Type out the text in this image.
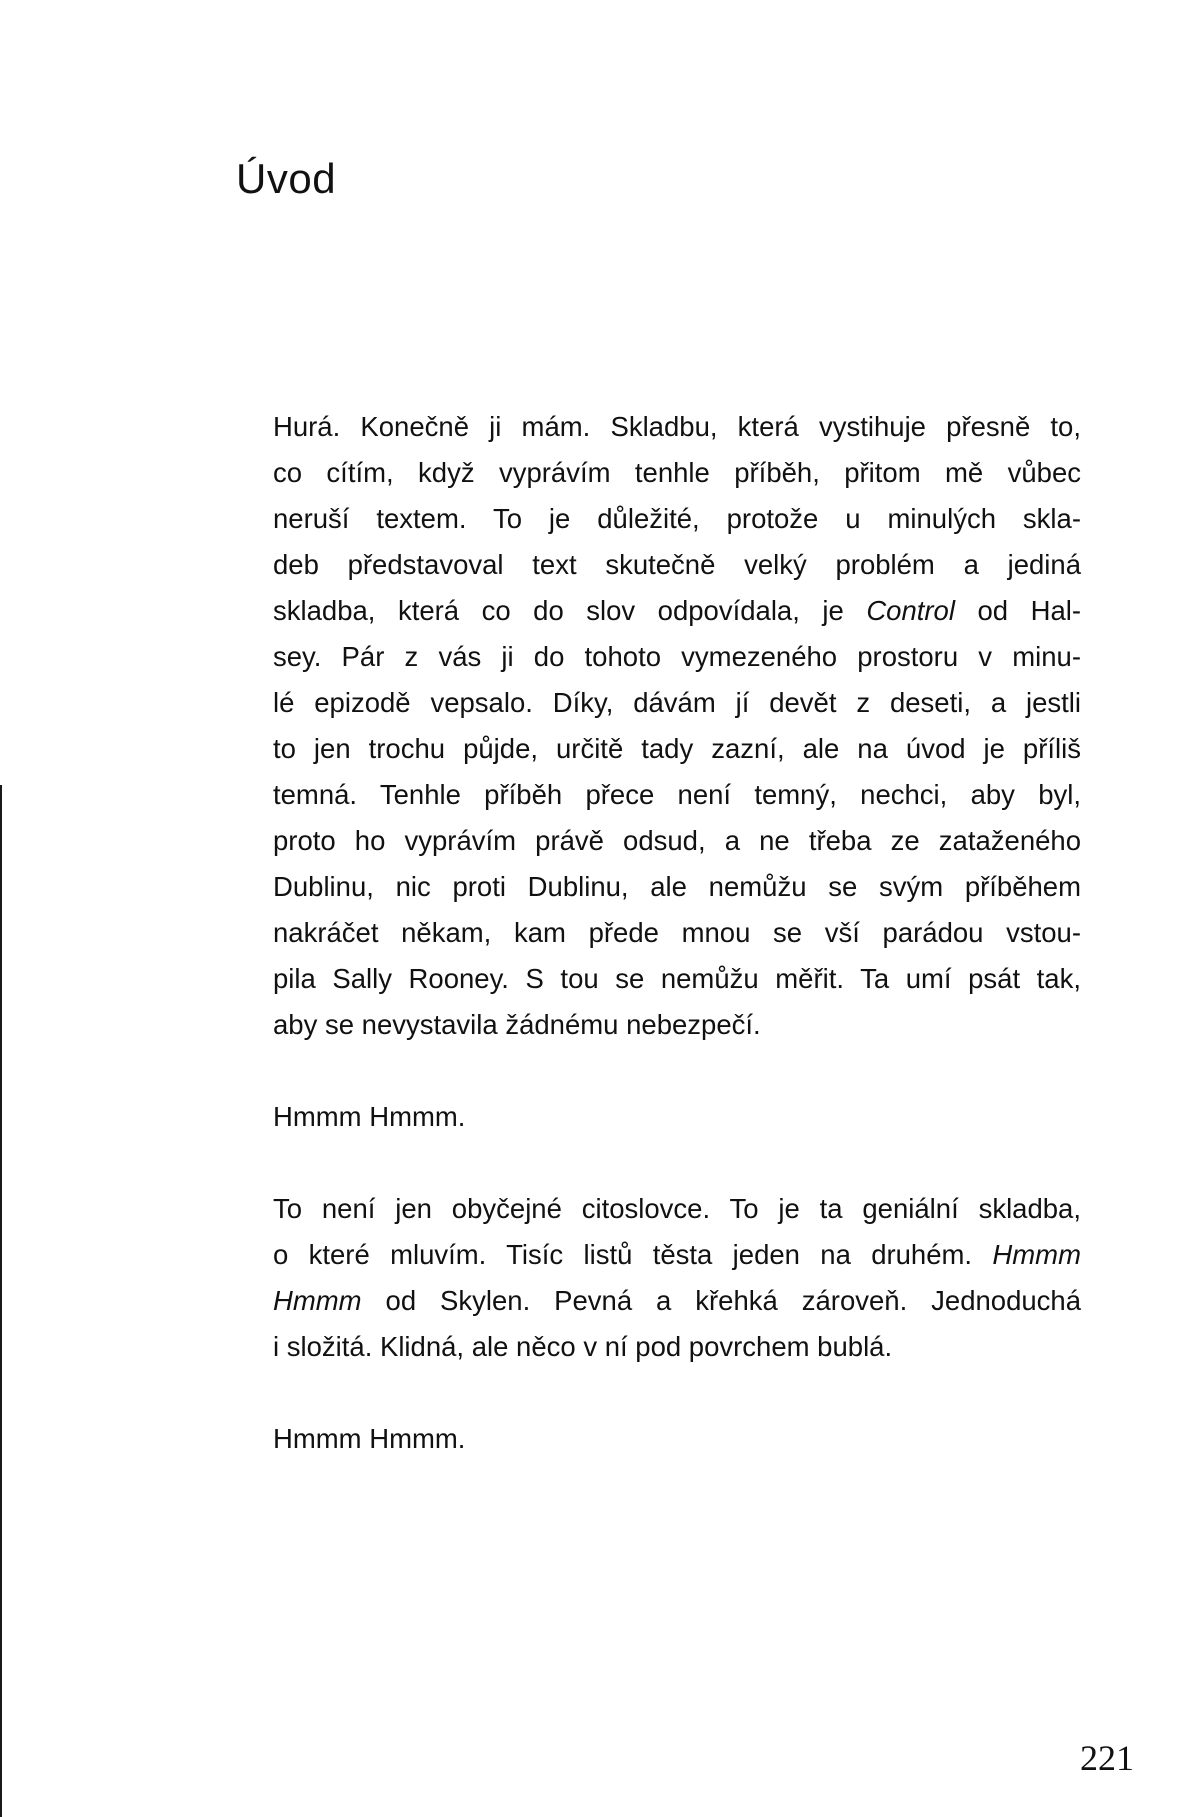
Úvod

Hurá. Konečně ji mám. Skladbu, která vystihuje přesně to,
co cítím, když vyprávím tenhle příběh, přitom mě vůbec
neruší textem. To je důležité, protože u minulých skla-
deb představoval text skutečně velký problém a jediná
skladba, která co do slov odpovídala, je Control od Hal-
sey. Pár z vás ji do tohoto vymezeného prostoru v minu-
lé epizodě vepsalo. Díky, dávám jí devět z deseti, a jestli
to jen trochu půjde, určitě tady zazní, ale na úvod je příliš
temná. Tenhle příběh přece není temný, nechci, aby byl,
proto ho vyprávím právě odsud, a ne třeba ze zataženého
Dublinu, nic proti Dublinu, ale nemůžu se svým příběhem
nakráčet někam, kam přede mnou se vší parádou vstou-
pila Sally Rooney. S tou se nemůžu měřit. Ta umí psát tak,
aby se nevystavila žádnému nebezpečí.

Hmmm Hmmm.

To není jen obyčejné citoslovce. To je ta geniální skladba,
o které mluvím. Tisíc listů těsta jeden na druhém. Hmmm
Hmmm od Skylen. Pevná a křehká zároveň. Jednoduchá
i složitá. Klidná, ale něco v ní pod povrchem bublá.

Hmmm Hmmm.

221
